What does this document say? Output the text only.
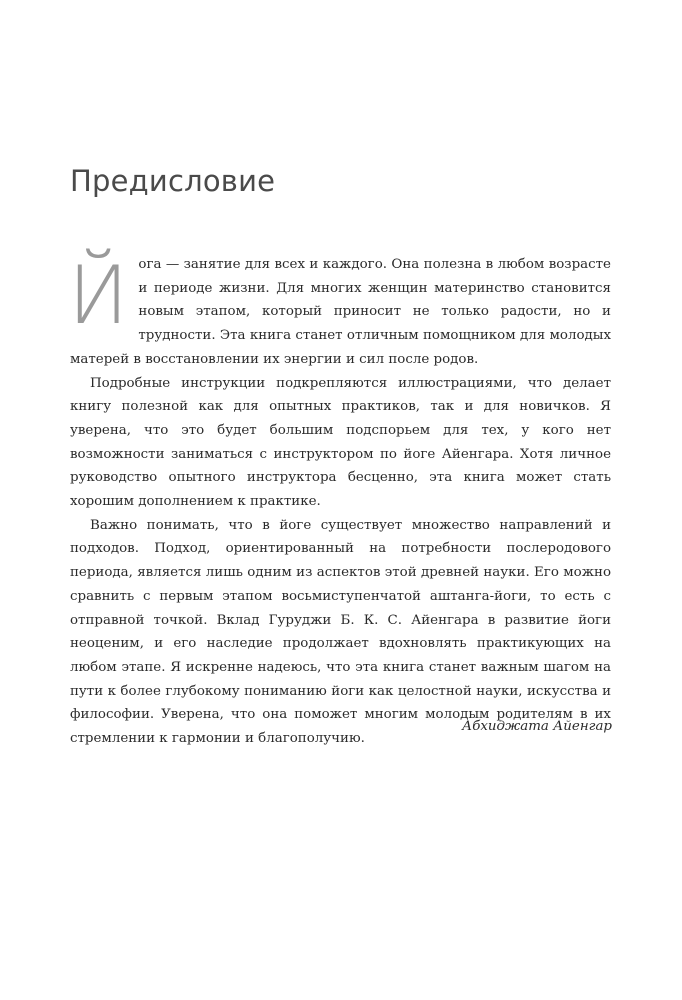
Предисловие

Йога — занятие для всех и каждого. Она полезна в любом возрасте и периоде жизни. Для многих женщин материнство становится новым этапом, который приносит не только радости, но и трудности. Эта книга станет отличным помощником для молодых матерей в восстановлении их энергии и сил после родов.

Подробные инструкции подкрепляются иллюстрациями, что делает книгу полезной как для опытных практиков, так и для новичков. Я уверена, что это будет большим подспорьем для тех, у кого нет возможности заниматься с инструктором по йоге Айенгара. Хотя личное руководство опытного инструктора бесценно, эта книга может стать хорошим дополнением к практике.

Важно понимать, что в йоге существует множество направлений и подходов. Подход, ориентированный на потребности послеродового периода, является лишь одним из аспектов этой древней науки. Его можно сравнить с первым этапом восьмиступенчатой аштанга-йоги, то есть с отправной точкой. Вклад Гуруджи Б. К. С. Айенгара в развитие йоги неоценим, и его наследие продолжает вдохновлять практикующих на любом этапе. Я искренне надеюсь, что эта книга станет важным шагом на пути к более глубокому пониманию йоги как целостной науки, искусства и философии. Уверена, что она поможет многим молодым родителям в их стремлении к гармонии и благополучию.

Абхиджата Айенгар
